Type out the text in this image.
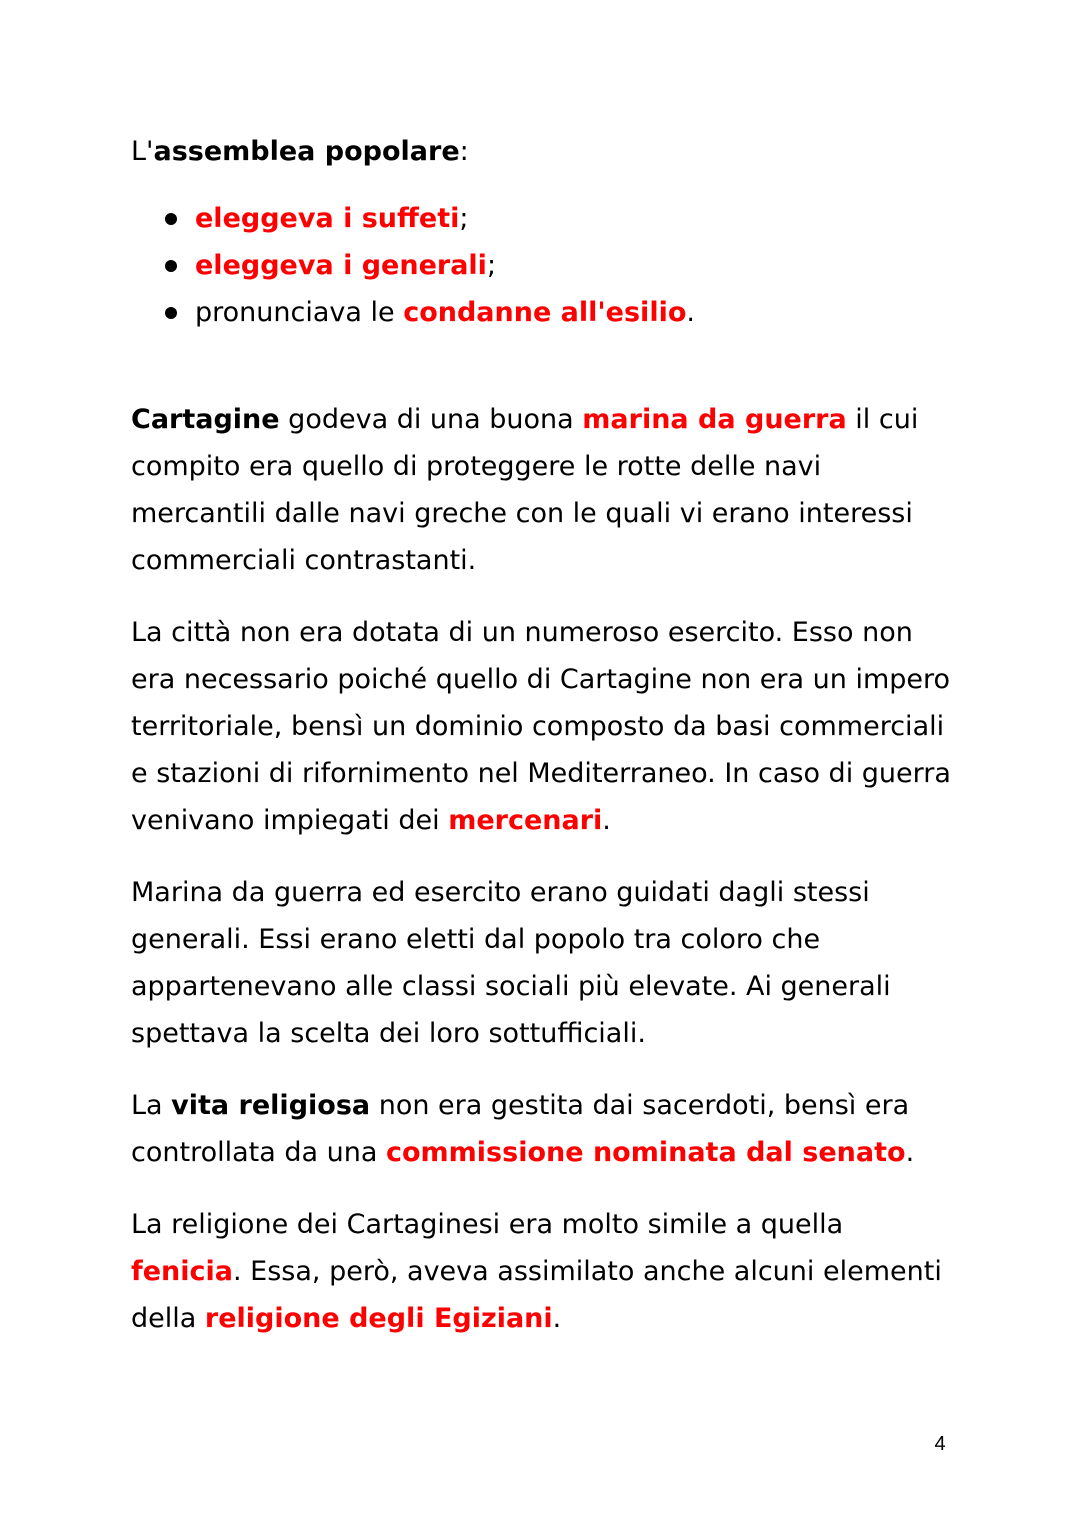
L'assemblea popolare:

eleggeva i suffeti;
eleggeva i generali;
pronunciava le condanne all'esilio.

Cartagine godeva di una buona marina da guerra il cui compito era quello di proteggere le rotte delle navi mercantili dalle navi greche con le quali vi erano interessi commerciali contrastanti.

La città non era dotata di un numeroso esercito. Esso non era necessario poiché quello di Cartagine non era un impero territoriale, bensì un dominio composto da basi commerciali e stazioni di rifornimento nel Mediterraneo. In caso di guerra venivano impiegati dei mercenari.

Marina da guerra ed esercito erano guidati dagli stessi generali. Essi erano eletti dal popolo tra coloro che appartenevano alle classi sociali più elevate. Ai generali spettava la scelta dei loro sottufficiali.

La vita religiosa non era gestita dai sacerdoti, bensì era controllata da una commissione nominata dal senato.

La religione dei Cartaginesi era molto simile a quella fenicia. Essa, però, aveva assimilato anche alcuni elementi della religione degli Egiziani.

4
